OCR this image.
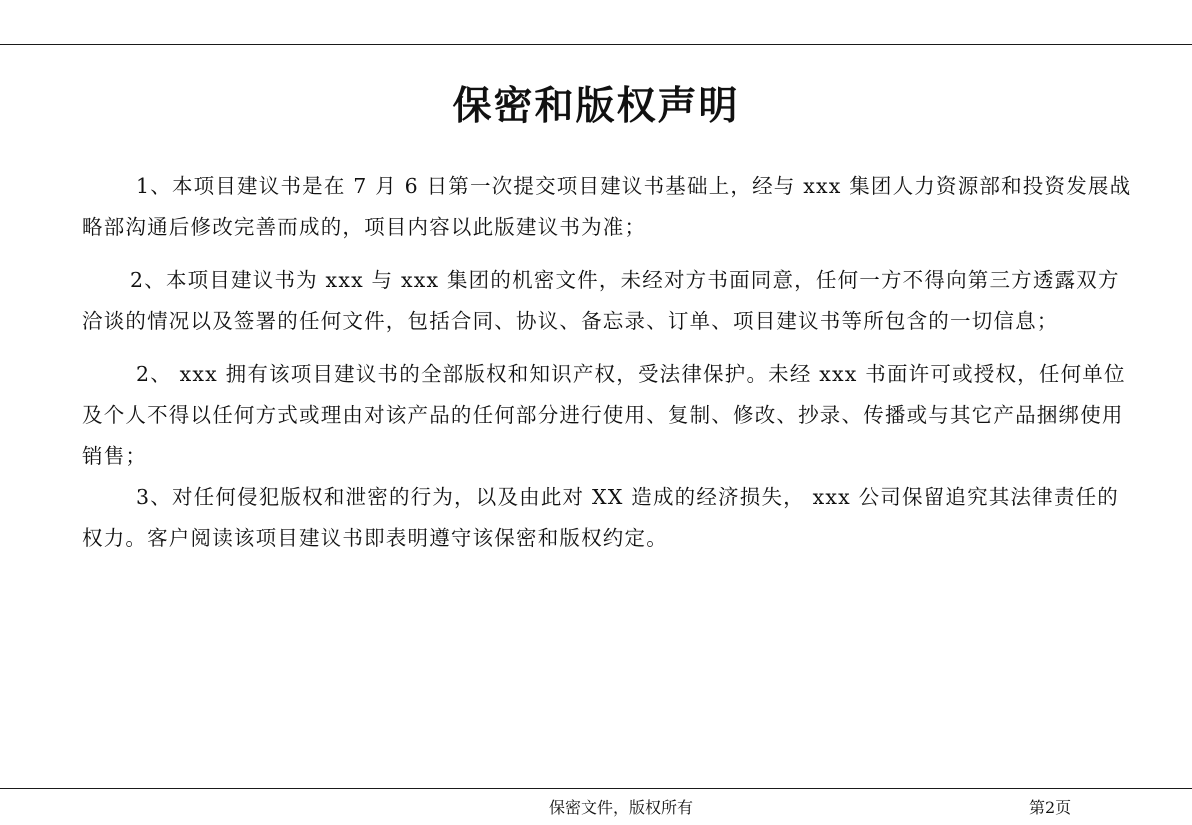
保密和版权声明

1、本项目建议书是在 7 月 6 日第一次提交项目建议书基础上，经与 xxx 集团人力资源部和投资发展战略部沟通后修改完善而成的，项目内容以此版建议书为准；

2、本项目建议书为 xxx 与 xxx 集团的机密文件，未经对方书面同意，任何一方不得向第三方透露双方洽谈的情况以及签署的任何文件，包括合同、协议、备忘录、订单、项目建议书等所包含的一切信息；

2、 xxx 拥有该项目建议书的全部版权和知识产权，受法律保护。未经 xxx 书面许可或授权，任何单位及个人不得以任何方式或理由对该产品的任何部分进行使用、复制、修改、抄录、传播或与其它产品捆绑使用销售；

3、对任何侵犯版权和泄密的行为，以及由此对 XX 造成的经济损失， xxx 公司保留追究其法律责任的权力。客户阅读该项目建议书即表明遵守该保密和版权约定。

保密文件，版权所有	第2页
